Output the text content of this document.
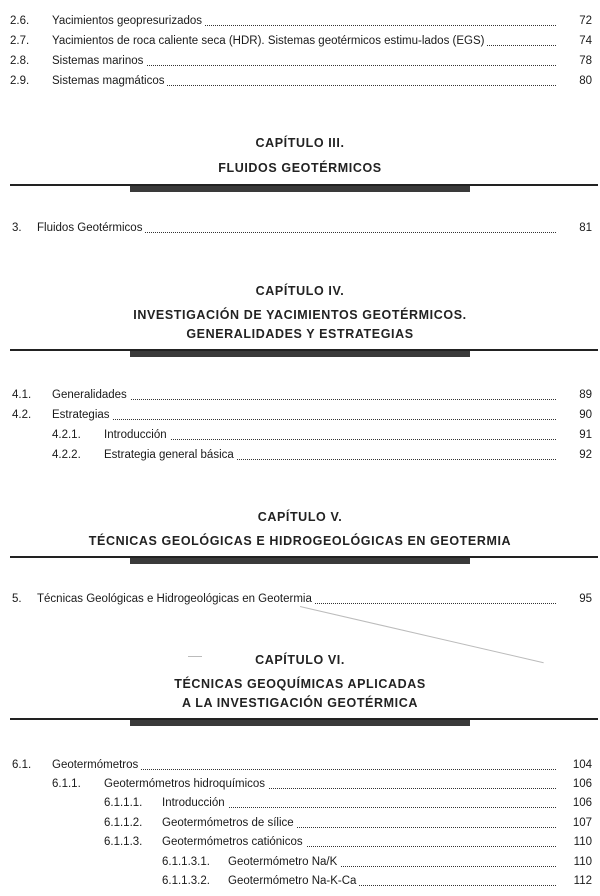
2.6. Yacimientos geopresurizados	72
2.7. Yacimientos de roca caliente seca (HDR). Sistemas geotérmicos estimu-lados (EGS)	74
2.8. Sistemas marinos	78
2.9. Sistemas magmáticos	80
CAPÍTULO III.
FLUIDOS GEOTÉRMICOS
3. Fluidos Geotérmicos	81
CAPÍTULO IV.
INVESTIGACIÓN DE YACIMIENTOS GEOTÉRMICOS.
GENERALIDADES Y ESTRATEGIAS
4.1. Generalidades	89
4.2. Estrategias	90
4.2.1. Introducción	91
4.2.2. Estrategia general básica	92
CAPÍTULO V.
TÉCNICAS GEOLÓGICAS E HIDROGEOLÓGICAS EN GEOTERMIA
5. Técnicas Geológicas e Hidrogeológicas en Geotermia	95
CAPÍTULO VI.
TÉCNICAS GEOQUÍMICAS APLICADAS
A LA INVESTIGACIÓN GEOTÉRMICA
6.1. Geotermómetros	104
6.1.1. Geotermómetros hidroquímicos	106
6.1.1.1. Introducción	106
6.1.1.2. Geotermómetros de sílice	107
6.1.1.3. Geotermómetros catiónicos	110
6.1.1.3.1. Geotermómetro Na/K	110
6.1.1.3.2. Geotermómetro Na-K-Ca	112
